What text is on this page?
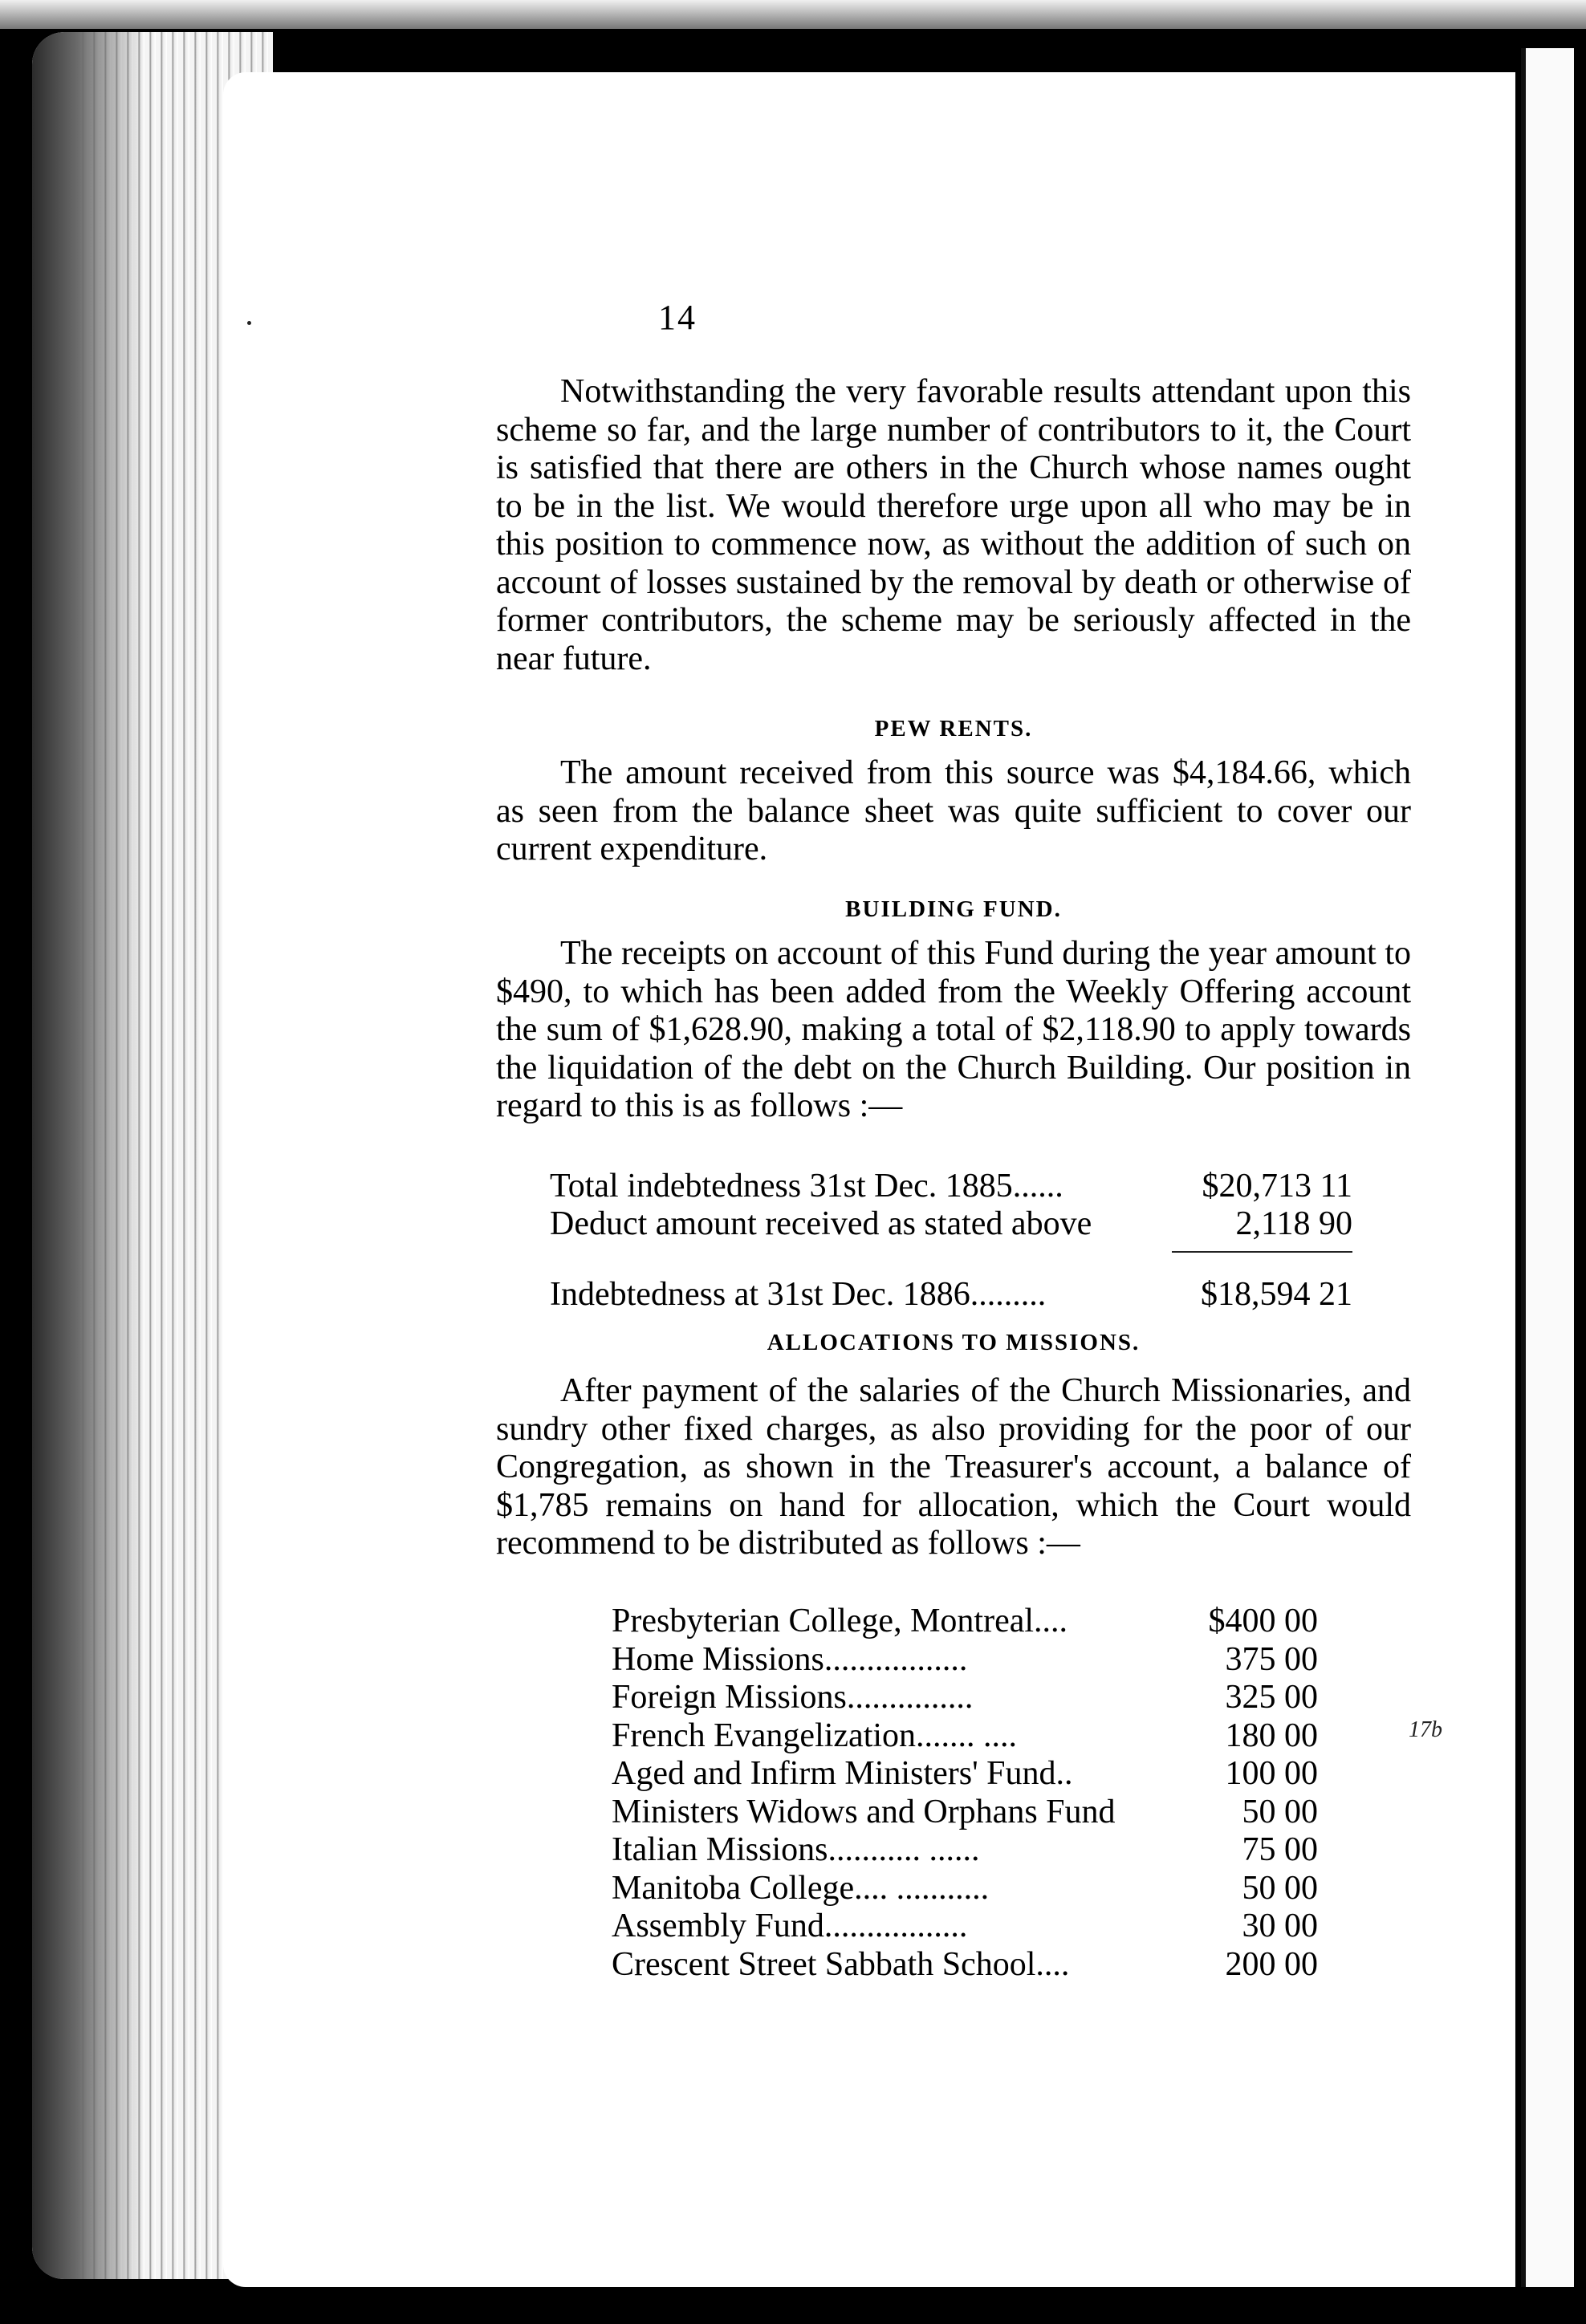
14
Notwithstanding the very favorable results attendant upon this scheme so far, and the large number of contributors to it, the Court is satisfied that there are others in the Church whose names ought to be in the list. We would therefore urge upon all who may be in this position to commence now, as without the addition of such on account of losses sustained by the removal by death or otherwise of former contributors, the scheme may be seriously affected in the near future.
PEW RENTS.
The amount received from this source was $4,184.66, which as seen from the balance sheet was quite sufficient to cover our current expenditure.
BUILDING FUND.
The receipts on account of this Fund during the year amount to $490, to which has been added from the Weekly Offering account the sum of $1,628.90, making a total of $2,118.90 to apply towards the liquidation of the debt on the Church Building. Our position in regard to this is as follows :—
Total indebtedness 31st Dec. 1885......	$20,713 11
Deduct amount received as stated above	2,118 90
Indebtedness at 31st Dec. 1886.........	$18,594 21
ALLOCATIONS TO MISSIONS.
After payment of the salaries of the Church Missionaries, and sundry other fixed charges, as also providing for the poor of our Congregation, as shown in the Treasurer's account, a balance of $1,785 remains on hand for allocation, which the Court would recommend to be distributed as follows :—
Presbyterian College, Montreal....	$400 00
Home Missions.................	375 00
Foreign Missions...............	325 00
French Evangelization....... ....	180 00
Aged and Infirm Ministers' Fund..	100 00
Ministers Widows and Orphans Fund	50 00
Italian Missions........... ......	75 00
Manitoba College.... ...........	50 00
Assembly Fund.................	30 00
Crescent Street Sabbath School....	200 00
17b
